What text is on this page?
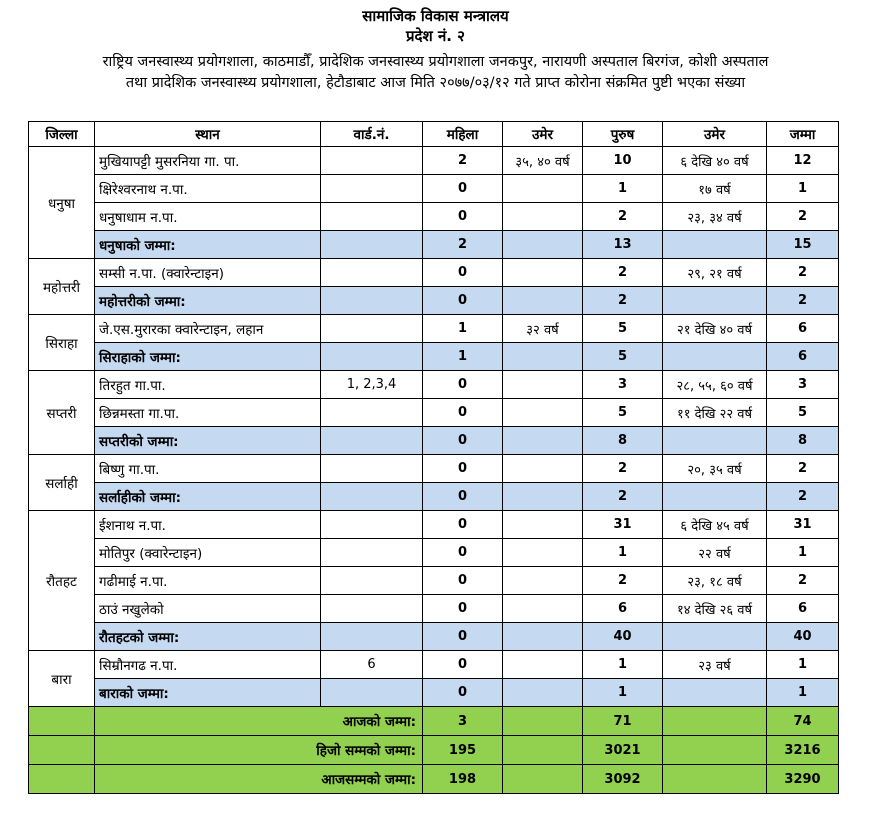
सामाजिक विकास मन्त्रालय
प्रदेश नं. २
राष्ट्रिय जनस्वास्थ्य प्रयोगशाला, काठमाडौँ, प्रादेशिक जनस्वास्थ्य प्रयोगशाला जनकपुर, नारायणी अस्पताल बिरगंज, कोशी अस्पताल
तथा प्रादेशिक जनस्वास्थ्य प्रयोगशाला, हेटौडाबाट आज मिति २०७७/०३/१२ गते प्राप्त कोरोना संक्रमित पुष्टी भएका संख्या
जिल्ला	स्थान	वार्ड.नं.	महिला	उमेर	पुरुष	उमेर	जम्मा
धनुषा	मुखियापट्टी मुसरनिया गा. पा.		2	३५, ४० वर्ष	10	६ देखि ४० वर्ष	12
	क्षिरेश्वरनाथ न.पा.		0		1	१७ वर्ष	1
	धनुषाधाम न.पा.		0		2	२३, ३४ वर्ष	2
	धनुषाको जम्मा:		2		13		15
महोत्तरी	सम्सी न.पा. (क्वारेन्टाइन)		0		2	२९, २१ वर्ष	2
	महोत्तरीको जम्मा:		0		2		2
सिराहा	जे.एस.मुरारका क्वारेन्टाइन, लहान		1	३२ वर्ष	5	२१ देखि ४० वर्ष	6
	सिराहाको जम्मा:		1		5		6
सप्तरी	तिरहुत गा.पा.	1, 2,3,4	0		3	२८, ५५, ६० वर्ष	3
	छिन्नमस्ता गा.पा.		0		5	११ देखि २२ वर्ष	5
	सप्तरीको जम्मा:		0		8		8
सर्लाही	बिष्णु गा.पा.		0		2	२०, ३५ वर्ष	2
	सर्लाहीको जम्मा:		0		2		2
रौतहट	ईशनाथ न.पा.		0		31	६ देखि ४५ वर्ष	31
	मोतिपुर (क्वारेन्टाइन)		0		1	२२ वर्ष	1
	गढीमाई न.पा.		0		2	२३, १८ वर्ष	2
	ठाउं नखुलेको		0		6	१४ देखि २६ वर्ष	6
	रौतहटको जम्मा:		0		40		40
बारा	सिम्रौनगढ न.पा.	6	0		1	२३ वर्ष	1
	बाराको जम्मा:		0		1		1
	आजको जम्मा:		3		71		74
	हिजो सम्मको जम्मा:		195		3021		3216
	आजसम्मको जम्मा:		198		3092		3290
